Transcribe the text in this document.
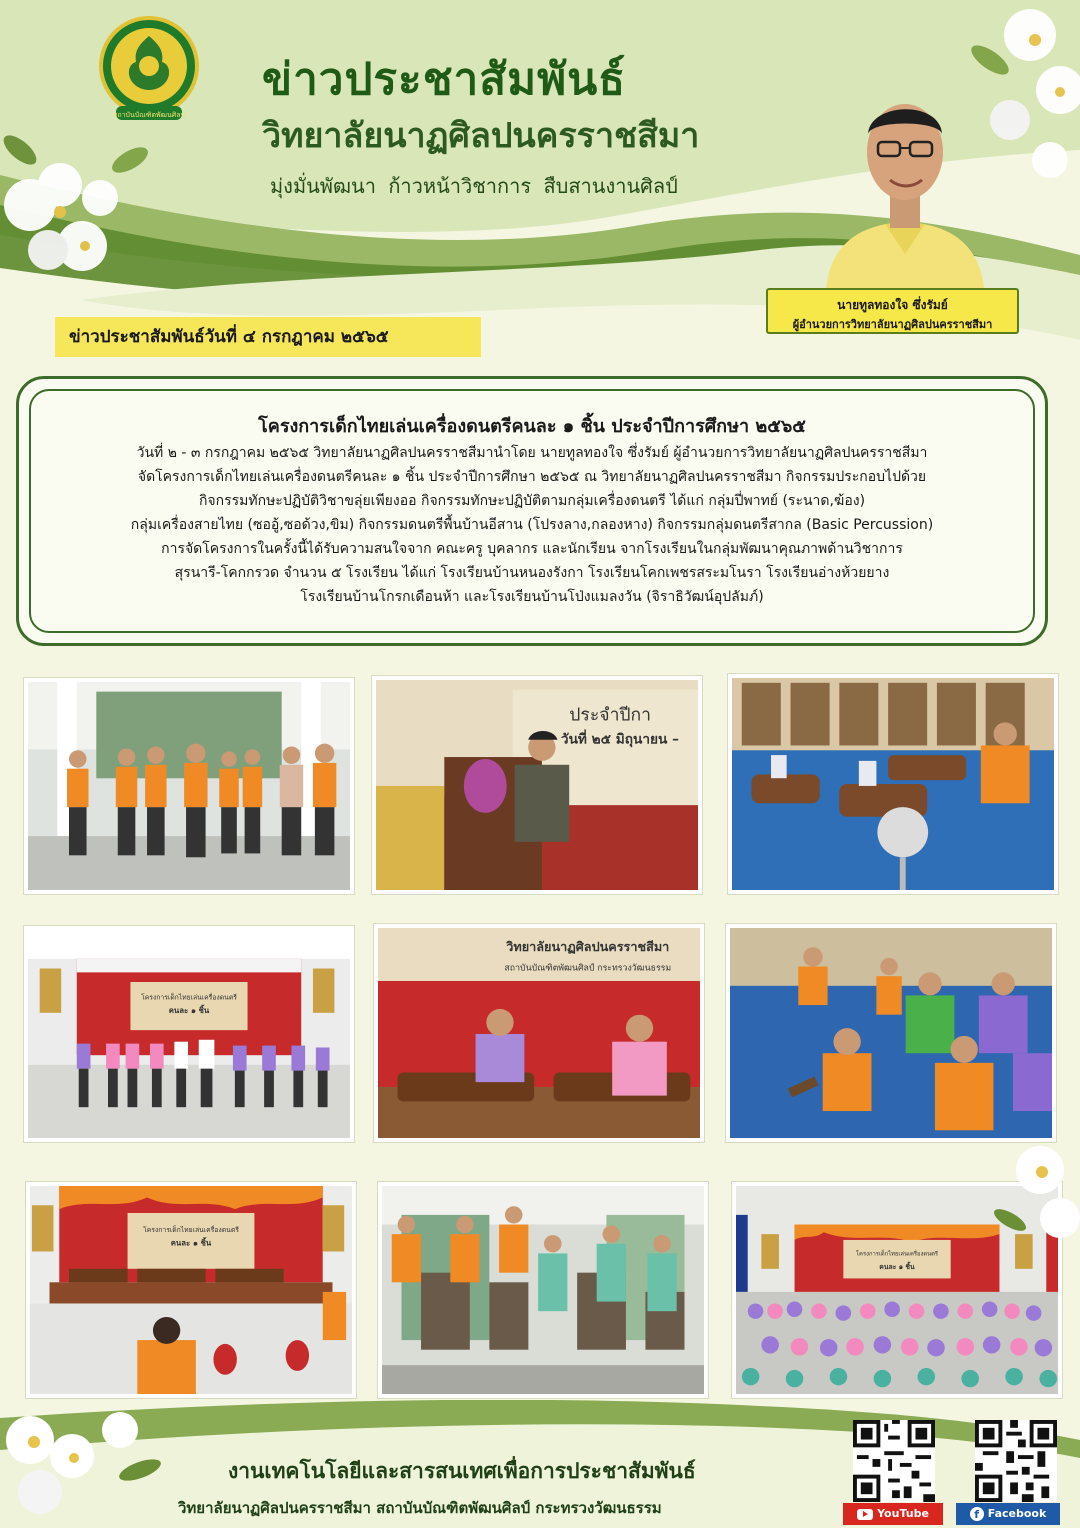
สถาบันบัณฑิตพัฒนศิลป์
ข่าวประชาสัมพันธ์
วิทยาลัยนาฏศิลปนครราชสีมา
มุ่งมั่นพัฒนา ก้าวหน้าวิชาการ สืบสานงานศิลป์
นายทูลทองใจ ซึ่งรัมย์
ผู้อำนวยการวิทยาลัยนาฏศิลปนครราชสีมา
ข่าวประชาสัมพันธ์วันที่ ๔ กรกฎาคม ๒๕๖๕
โครงการเด็กไทยเล่นเครื่องดนตรีคนละ ๑ ชิ้น ประจำปีการศึกษา ๒๕๖๕
วันที่ ๒ - ๓ กรกฎาคม ๒๕๖๕ วิทยาลัยนาฏศิลปนครราชสีมานำโดย นายทูลทองใจ ซึ่งรัมย์ ผู้อำนวยการวิทยาลัยนาฏศิลปนครราชสีมา
จัดโครงการเด็กไทยเล่นเครื่องดนตรีคนละ ๑ ชิ้น ประจำปีการศึกษา ๒๕๖๕ ณ วิทยาลัยนาฏศิลปนครราชสีมา กิจกรรมประกอบไปด้วย
กิจกรรมทักษะปฏิบัติวิชาขลุ่ยเพียงออ กิจกรรมทักษะปฏิบัติตามกลุ่มเครื่องดนตรี ได้แก่ กลุ่มปี่พาทย์ (ระนาด,ฆ้อง)
กลุ่มเครื่องสายไทย (ซออู้,ซอด้วง,ขิม) กิจกรรมดนตรีพื้นบ้านอีสาน (โปรงลาง,กลองหาง) กิจกรรมกลุ่มดนตรีสากล (Basic Percussion)
การจัดโครงการในครั้งนี้ได้รับความสนใจจาก คณะครู บุคลากร และนักเรียน จากโรงเรียนในกลุ่มพัฒนาคุณภาพด้านวิชาการ
สุรนารี-โคกกรวด จำนวน ๕ โรงเรียน ได้แก่ โรงเรียนบ้านหนองรังกา โรงเรียนโคกเพชรสระมโนรา โรงเรียนอ่างห้วยยาง
โรงเรียนบ้านโกรกเดือนห้า และโรงเรียนบ้านโป่งแมลงวัน (จิราธิวัฒน์อุปลัมภ์)
ประจำปีกา
วันที่ ๒๕ มิถุนายน –
โครงการเด็กไทยเล่นเครื่องดนตรี
คนละ ๑ ชิ้น
วิทยาลัยนาฏศิลปนครราชสีมา
สถาบันบัณฑิตพัฒนศิลป์ กระทรวงวัฒนธรรม
โครงการเด็กไทยเล่นเครื่องดนตรี
คนละ ๑ ชิ้น
โครงการเด็กไทยเล่นเครื่องดนตรี
คนละ ๑ ชิ้น
งานเทคโนโลยีและสารสนเทศเพื่อการประชาสัมพันธ์
วิทยาลัยนาฏศิลปนครราชสีมา สถาบันบัณฑิตพัฒนศิลป์ กระทรวงวัฒนธรรม	YouTube	f Facebook
